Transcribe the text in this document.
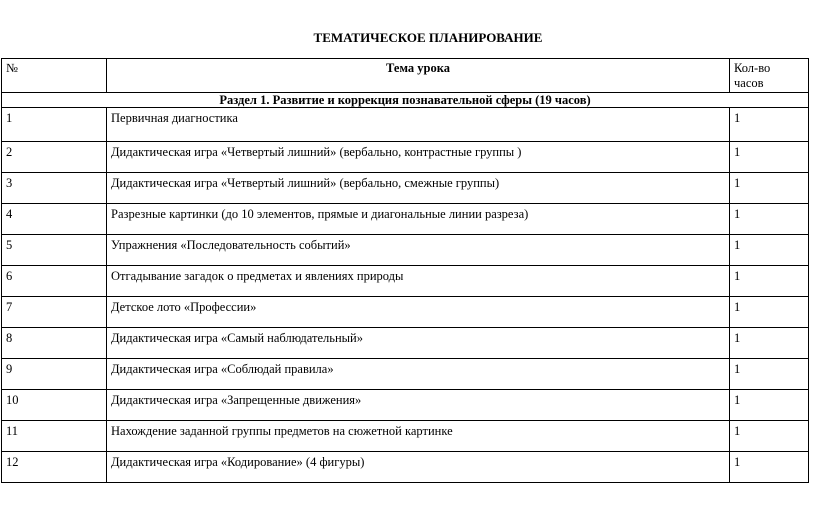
ТЕМАТИЧЕСКОЕ ПЛАНИРОВАНИЕ
№	Тема урока	Кол-во
часов
Раздел 1. Развитие и коррекция познавательной сферы (19 часов)		
1	Первичная диагностика	1
2	Дидактическая игра «Четвертый лишний» (вербально, контрастные группы )	1
3	Дидактическая игра «Четвертый лишний» (вербально, смежные группы)	1
4	Разрезные картинки (до 10 элементов, прямые и диагональные линии разреза)	1
5	Упражнения «Последовательность событий»	1
6	Отгадывание загадок о предметах и явлениях природы	1
7	Детское лото «Профессии»	1
8	Дидактическая игра «Самый наблюдательный»	1
9	Дидактическая игра «Соблюдай правила»	1
10	Дидактическая игра «Запрещенные движения»	1
11	Нахождение заданной группы предметов на сюжетной картинке	1
12	Дидактическая игра «Кодирование» (4 фигуры)	1
